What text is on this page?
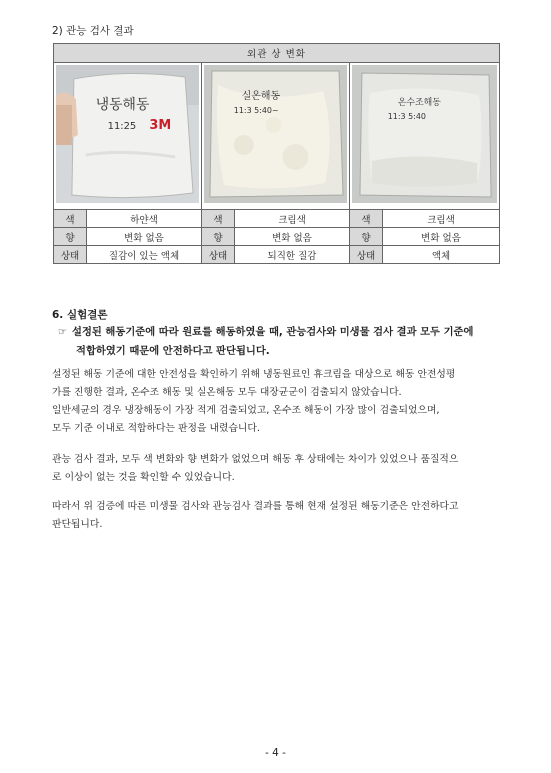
2) 관능 검사 결과
외관 상 변화					

냉동해동
11:25 3M		실온해동
11:3 5:40~		온수조해동
11:3 5:40	

색	하얀색	색	크림색	색	크림색
향	변화 없음	향	변화 없음	향	변화 없음
상태	질감이 있는 액체	상태	되직한 질감	상태	액체
6. 실험결론
☞ 설정된 해동기준에 따라 원료를 해동하였을 때, 관능검사와 미생물 검사 결과 모두 기준에
적합하였기 때문에 안전하다고 판단됩니다.
설정된 해동 기준에 대한 안전성을 확인하기 위해 냉동원료인 휴크림을 대상으로 해동 안전성평
가를 진행한 결과, 온수조 해동 및 실온해동 모두 대장균군이 검출되지 않았습니다.
일반세균의 경우 냉장해동이 가장 적게 검출되었고, 온수조 해동이 가장 많이 검출되었으며,
모두 기준 이내로 적합하다는 판정을 내렸습니다.
관능 검사 결과, 모두 색 변화와 향 변화가 없었으며 해동 후 상태에는 차이가 있었으나 품질적으
로 이상이 없는 것을 확인할 수 있었습니다.
따라서 위 검증에 따른 미생물 검사와 관능검사 결과를 통해 현재 설정된 해동기준은 안전하다고
판단됩니다.
- 4 -
